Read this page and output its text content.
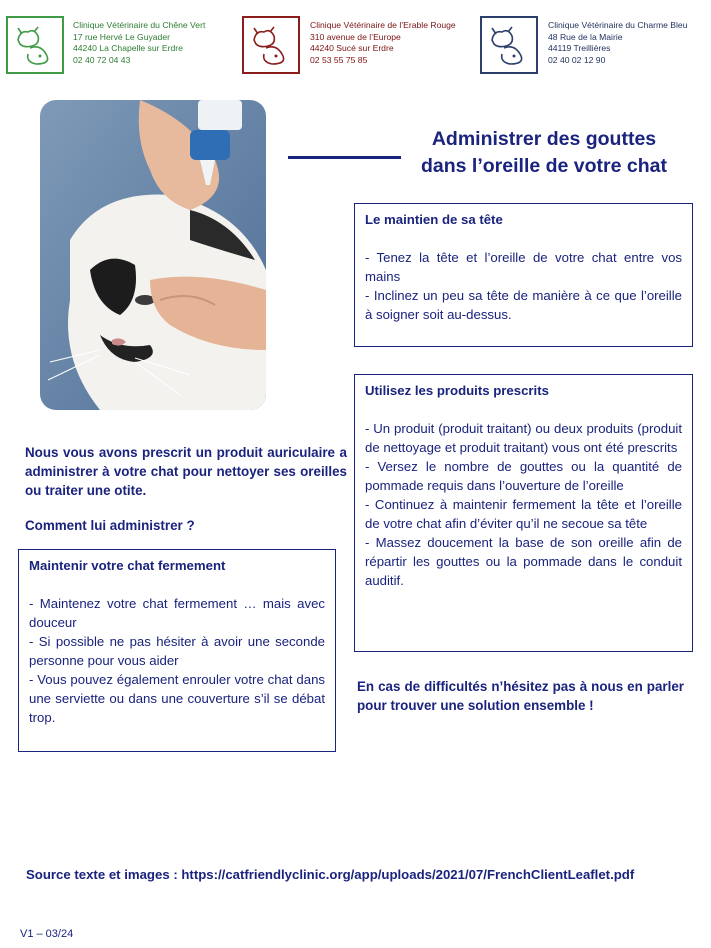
Clinique Vétérinaire du Chêne Vert
17 rue Hervé Le Guyader
44240 La Chapelle sur Erdre
02 40 72 04 43
Clinique Vétérinaire de l’Erable Rouge
310 avenue de l’Europe
44240 Sucé sur Erdre
02 53 55 75 85
Clinique Vétérinaire du Charme Bleu
48 Rue de la Mairie
44119 Treillières
02 40 02 12 90
Administrer des gouttes
dans l’oreille de votre chat
Le maintien de sa tête
- Tenez la tête et l’oreille de votre chat entre vos mains
- Inclinez un peu sa tête de manière à ce que l’oreille à soigner soit au-dessus.
Utilisez les produits prescrits
- Un produit (produit traitant) ou deux produits (produit de nettoyage et produit traitant) vous ont été prescrits
- Versez le nombre de gouttes ou la quantité de pommade requis dans l’ouverture de l’oreille
- Continuez à maintenir fermement la tête et l’oreille de votre chat afin d’éviter qu’il ne secoue sa tête
- Massez doucement la base de son oreille afin de répartir les gouttes ou la pommade dans le conduit auditif.
Nous vous avons prescrit un produit auriculaire a administrer à votre chat pour nettoyer ses oreilles ou traiter une otite.
Comment lui administrer ?
Maintenir votre chat fermement
- Maintenez votre chat fermement … mais avec douceur
- Si possible ne pas hésiter à avoir une seconde personne pour vous aider
- Vous pouvez également enrouler votre chat dans une serviette ou dans une couverture s’il se débat trop.
En cas de difficultés n’hésitez pas à nous en parler pour trouver une solution ensemble !
Source texte et images : https://catfriendlyclinic.org/app/uploads/2021/07/FrenchClientLeaflet.pdf
V1 – 03/24
